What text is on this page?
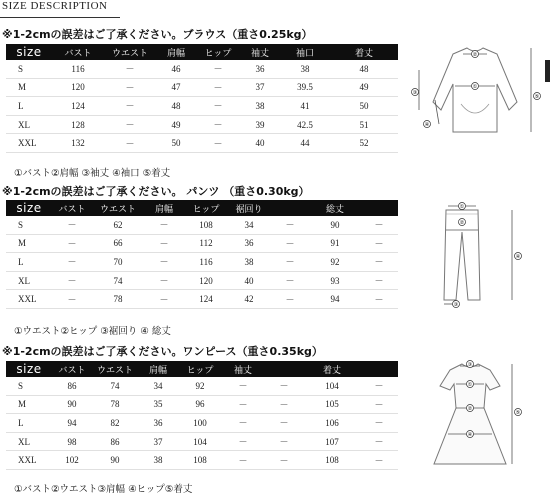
SIZE DESCRIPTION
※1-2cmの誤差はご了承ください。ブラウス（重さ0.25kg）
size	バスト	ウエスト	肩幅	ヒップ	袖丈	袖口	着丈
S	116	－	46	－	36	38	48
M	120	－	47	－	37	39.5	49
L	124	－	48	－	38	41	50
XL	128	－	49	－	39	42.5	51
XXL	132	－	50	－	40	44	52
①バスト②肩幅 ③袖丈 ④袖口 ⑤着丈
※1-2cmの誤差はご了承ください。 パンツ （重さ0.30kg）
size	バスト	ウエスト	肩幅	ヒップ	裾回り		総丈	
S	－	62	－	108	34	－	90	－
M	－	66	－	112	36	－	91	－
L	－	70	－	116	38	－	92	－
XL	－	74	－	120	40	－	93	－
XXL	－	78	－	124	42	－	94	－
①ウエスト②ヒップ ③裾回り ④ 総丈
※1-2cmの誤差はご了承ください。ワンピース（重さ0.35kg）
size	バスト	ウエスト	肩幅	ヒップ	袖丈		着丈	
S	86	74	34	92	－	－	104	－
M	90	78	35	96	－	－	105	－
L	94	82	36	100	－	－	106	－
XL	98	86	37	104	－	－	107	－
XXL	102	90	38	108	－	－	108	－
①バスト②ウエスト③肩幅 ④ヒップ⑤着丈
②
①
③
④
⑤
①
②
③
④
③
①
②
④
⑤
